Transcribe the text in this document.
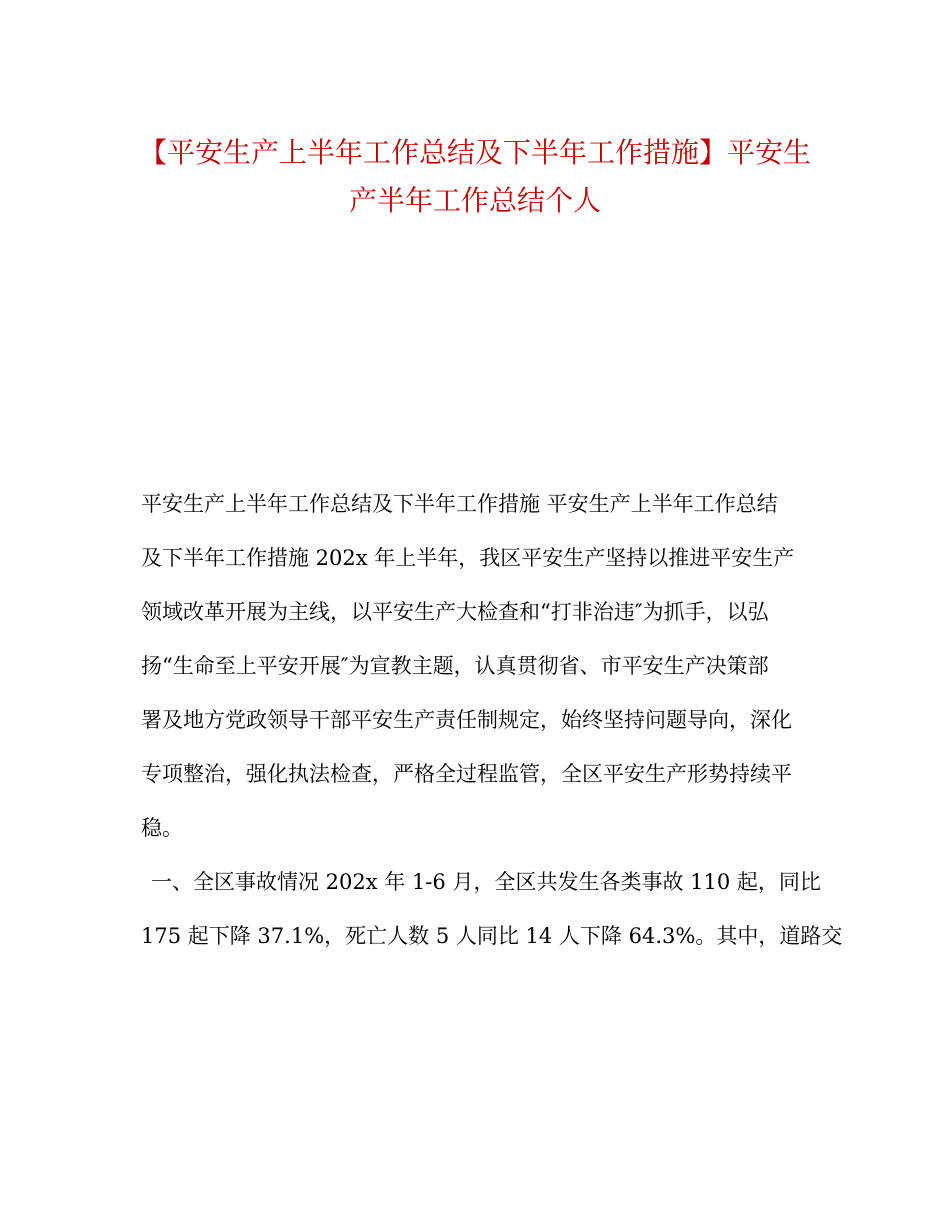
【平安生产上半年工作总结及下半年工作措施】平安生
产半年工作总结个人
平安生产上半年工作总结及下半年工作措施 平安生产上半年工作总结
及下半年工作措施 202x 年上半年，我区平安生产坚持以推进平安生产
领域改革开展为主线，以平安生产大检查和“打非治违″为抓手，以弘
扬“生命至上平安开展″为宣教主题，认真贯彻省、市平安生产决策部
署及地方党政领导干部平安生产责任制规定，始终坚持问题导向，深化
专项整治，强化执法检查，严格全过程监管，全区平安生产形势持续平
稳。
一、全区事故情况 202x 年 1-6 月，全区共发生各类事故 110 起，同比
175 起下降 37.1%，死亡人数 5 人同比 14 人下降 64.3%。其中，道路交
